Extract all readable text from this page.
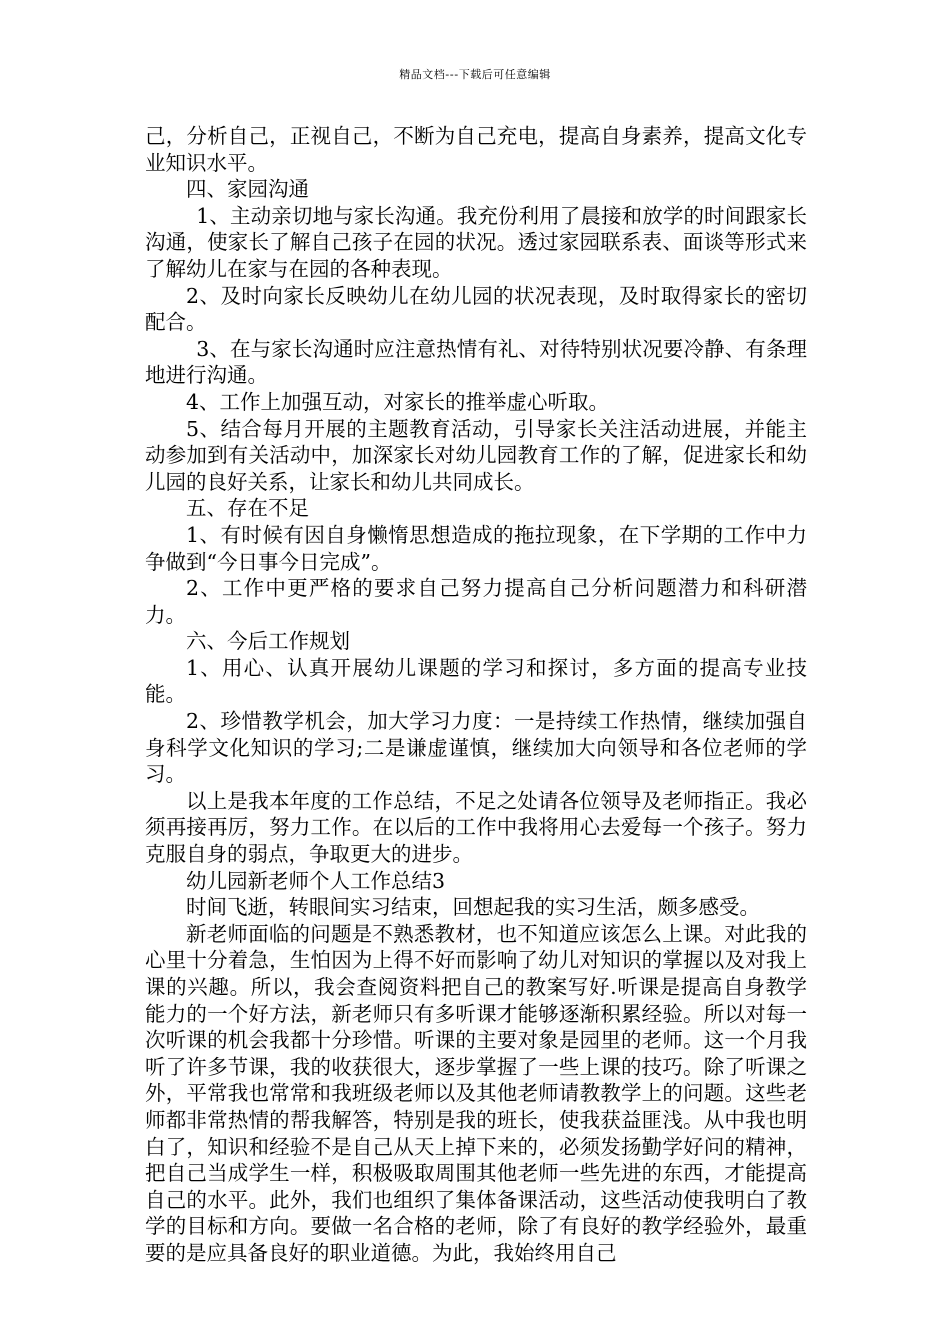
精品文档---下载后可任意编辑

己，分析自己，正视自己，不断为自己充电，提高自身素养，提高文化专业知识水平。

四、家园沟通

1、主动亲切地与家长沟通。我充份利用了晨接和放学的时间跟家长沟通，使家长了解自己孩子在园的状况。透过家园联系表、面谈等形式来了解幼儿在家与在园的各种表现。

2、及时向家长反映幼儿在幼儿园的状况表现，及时取得家长的密切配合。

3、在与家长沟通时应注意热情有礼、对待特别状况要冷静、有条理地进行沟通。

4、工作上加强互动，对家长的推举虚心听取。

5、结合每月开展的主题教育活动，引导家长关注活动进展，并能主动参加到有关活动中，加深家长对幼儿园教育工作的了解，促进家长和幼儿园的良好关系，让家长和幼儿共同成长。

五、存在不足

1、有时候有因自身懒惰思想造成的拖拉现象，在下学期的工作中力争做到“今日事今日完成”。

2、工作中更严格的要求自己努力提高自己分析问题潜力和科研潜力。

六、今后工作规划

1、用心、认真开展幼儿课题的学习和探讨，多方面的提高专业技能。

2、珍惜教学机会，加大学习力度：一是持续工作热情，继续加强自身科学文化知识的学习;二是谦虚谨慎，继续加大向领导和各位老师的学习。

以上是我本年度的工作总结，不足之处请各位领导及老师指正。我必须再接再厉，努力工作。在以后的工作中我将用心去爱每一个孩子。努力克服自身的弱点，争取更大的进步。

幼儿园新老师个人工作总结3

时间飞逝，转眼间实习结束，回想起我的实习生活，颇多感受。

新老师面临的问题是不熟悉教材，也不知道应该怎么上课。对此我的心里十分着急，生怕因为上得不好而影响了幼儿对知识的掌握以及对我上课的兴趣。所以，我会查阅资料把自己的教案写好.听课是提高自身教学能力的一个好方法，新老师只有多听课才能够逐渐积累经验。所以对每一次听课的机会我都十分珍惜。听课的主要对象是园里的老师。这一个月我听了许多节课，我的收获很大，逐步掌握了一些上课的技巧。除了听课之外，平常我也常常和我班级老师以及其他老师请教教学上的问题。这些老师都非常热情的帮我解答，特别是我的班长，使我获益匪浅。从中我也明白了，知识和经验不是自己从天上掉下来的，必须发扬勤学好问的精神，把自己当成学生一样，积极吸取周围其他老师一些先进的东西，才能提高自己的水平。此外，我们也组织了集体备课活动，这些活动使我明白了教学的目标和方向。要做一名合格的老师，除了有良好的教学经验外，最重要的是应具备良好的职业道德。为此，我始终用自己
